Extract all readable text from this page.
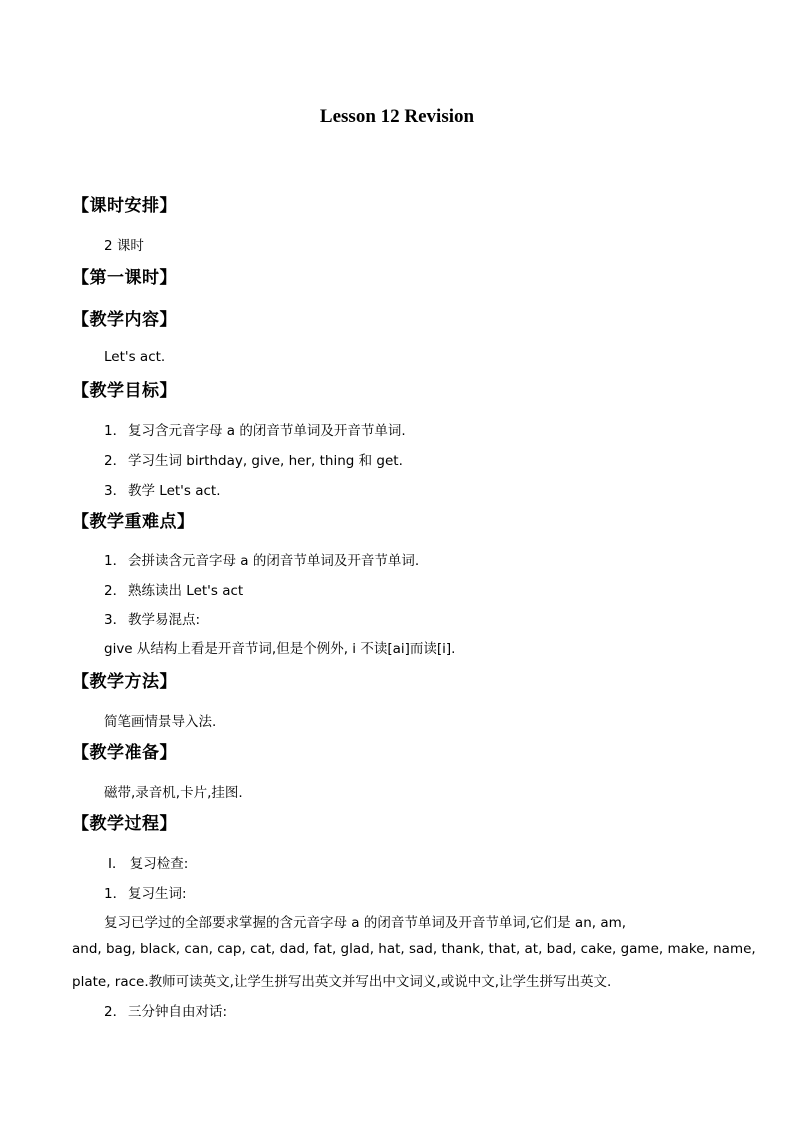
Lesson 12 Revision
【课时安排】
2 课时
【第一课时】
【教学内容】
Let's act.
【教学目标】
1． 复习含元音字母 a 的闭音节单词及开音节单词.
2． 学习生词 birthday, give, her, thing 和 get.
3． 教学 Let's act.
【教学重难点】
1． 会拼读含元音字母 a 的闭音节单词及开音节单词.
2． 熟练读出 Let's act
3． 教学易混点:
give 从结构上看是开音节词,但是个例外, i 不读[ai]而读[i].
【教学方法】
简笔画情景导入法.
【教学准备】
磁带,录音机,卡片,挂图.
【教学过程】
Ⅰ． 复习检查:
1． 复习生词:
复习已学过的全部要求掌握的含元音字母 a 的闭音节单词及开音节单词,它们是 an, am,
and, bag, black, can, cap, cat, dad, fat, glad, hat, sad, thank, that, at, bad, cake, game, make, name,
plate, race.教师可读英文,让学生拼写出英文并写出中文词义,或说中文,让学生拼写出英文.
2． 三分钟自由对话:
